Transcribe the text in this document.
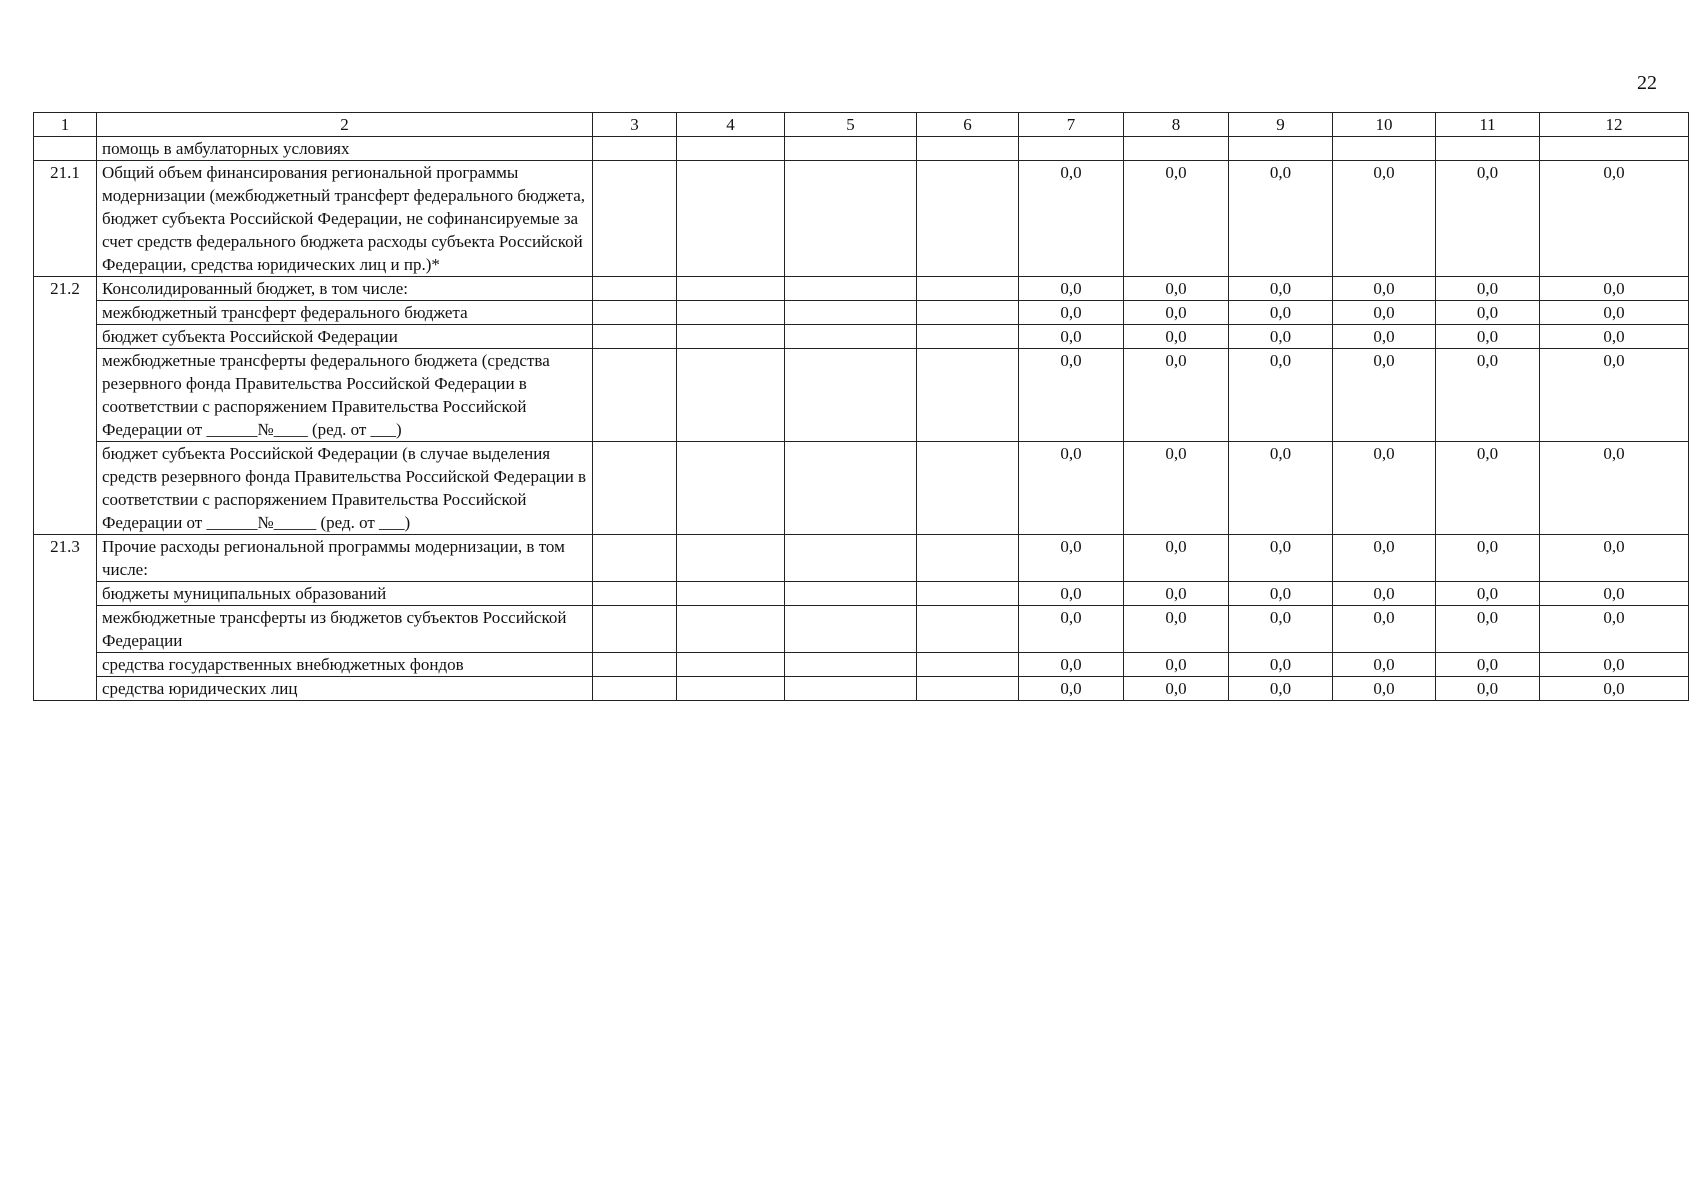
22
1	2	3	4	5	6	7	8	9	10	11	12
	помощь в амбулаторных условиях										
21.1	Общий объем финансирования региональной программы модернизации (межбюджетный трансферт федерального бюджета, бюджет субъекта Российской Федерации, не софинансируемые за счет средств федерального бюджета расходы субъекта Российской Федерации, средства юридических лиц и пр.)*					0,0	0,0	0,0	0,0	0,0	0,0
21.2	Консолидированный бюджет, в том числе:					0,0	0,0	0,0	0,0	0,0	0,0
	межбюджетный трансферт федерального бюджета					0,0	0,0	0,0	0,0	0,0	0,0
	бюджет субъекта Российской Федерации					0,0	0,0	0,0	0,0	0,0	0,0
	межбюджетные трансферты федерального бюджета (средства резервного фонда Правительства Российской Федерации в соответствии с распоряжением Правительства Российской Федерации от ______№____ (ред. от ___)					0,0	0,0	0,0	0,0	0,0	0,0
	бюджет субъекта Российской Федерации (в случае выделения средств резервного фонда Правительства Российской Федерации в соответствии с распоряжением Правительства Российской Федерации от ______№_____ (ред. от ___)					0,0	0,0	0,0	0,0	0,0	0,0
21.3	Прочие расходы региональной программы модернизации, в том числе:					0,0	0,0	0,0	0,0	0,0	0,0
	бюджеты муниципальных образований					0,0	0,0	0,0	0,0	0,0	0,0
	межбюджетные трансферты из бюджетов субъектов Российской Федерации					0,0	0,0	0,0	0,0	0,0	0,0
	средства государственных внебюджетных фондов					0,0	0,0	0,0	0,0	0,0	0,0
	средства юридических лиц					0,0	0,0	0,0	0,0	0,0	0,0
